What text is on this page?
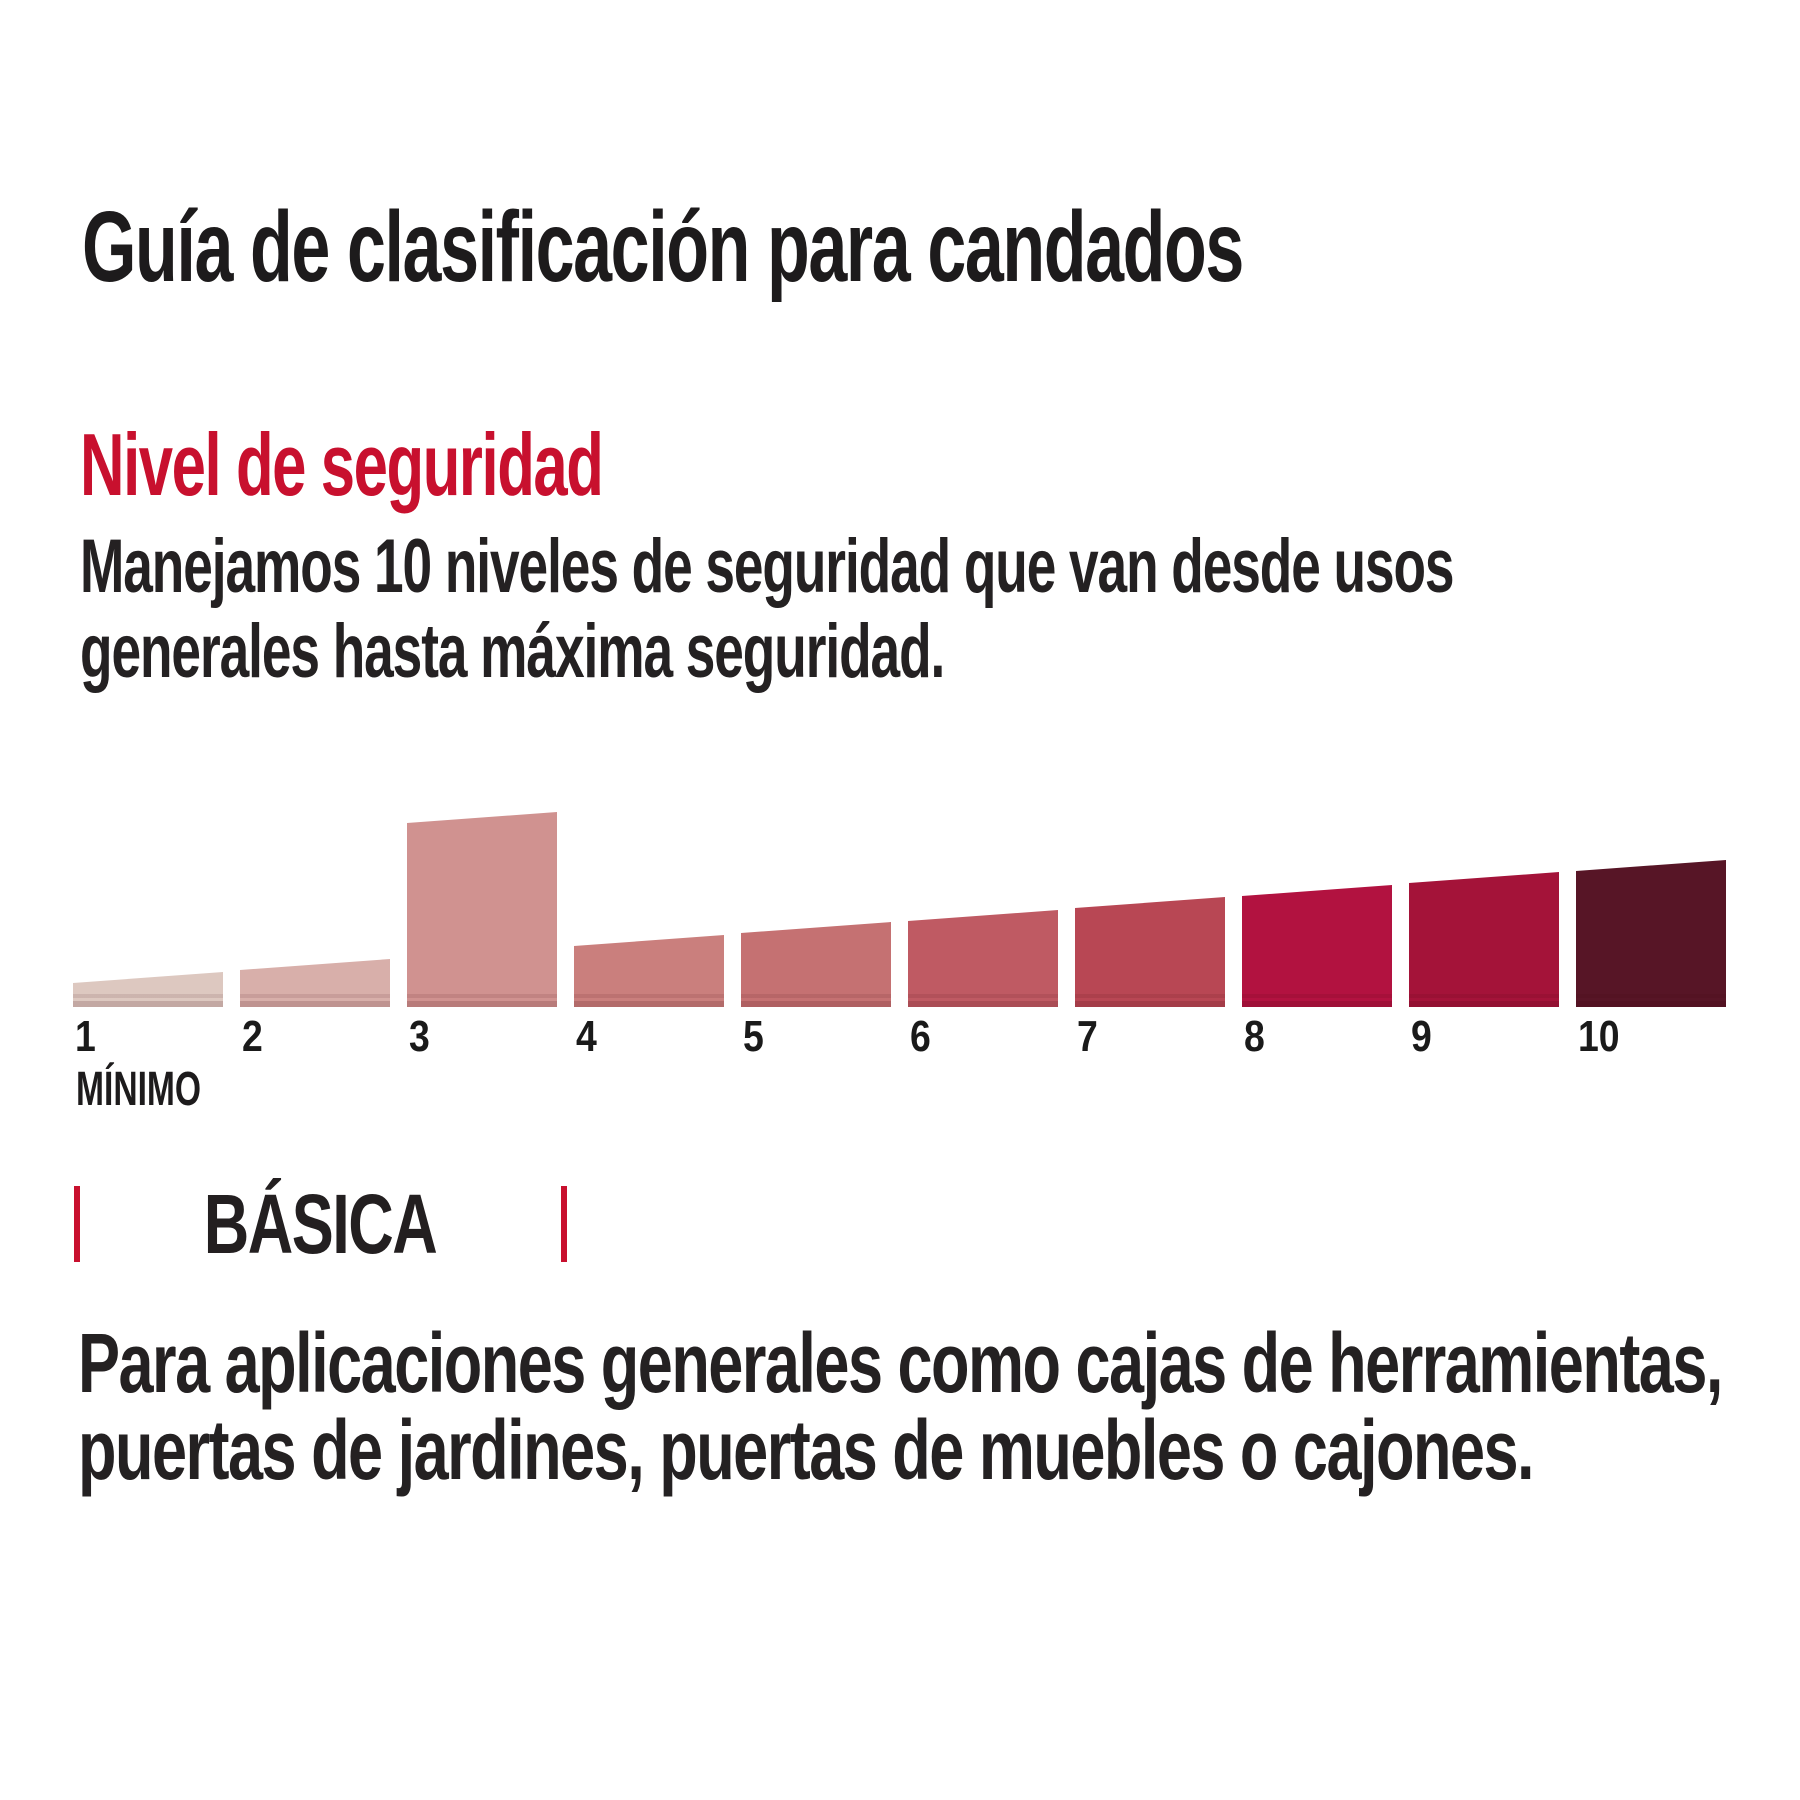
Guía de clasificación para candados
Nivel de seguridad

Manejamos 10 niveles de seguridad que van desde usos
generales hasta máxima seguridad.

1	2	3	4	5	6	7	8	9	10
MÍNIMO
BÁSICA

Para aplicaciones generales como cajas de herramientas,
puertas de jardines, puertas de muebles o cajones.
